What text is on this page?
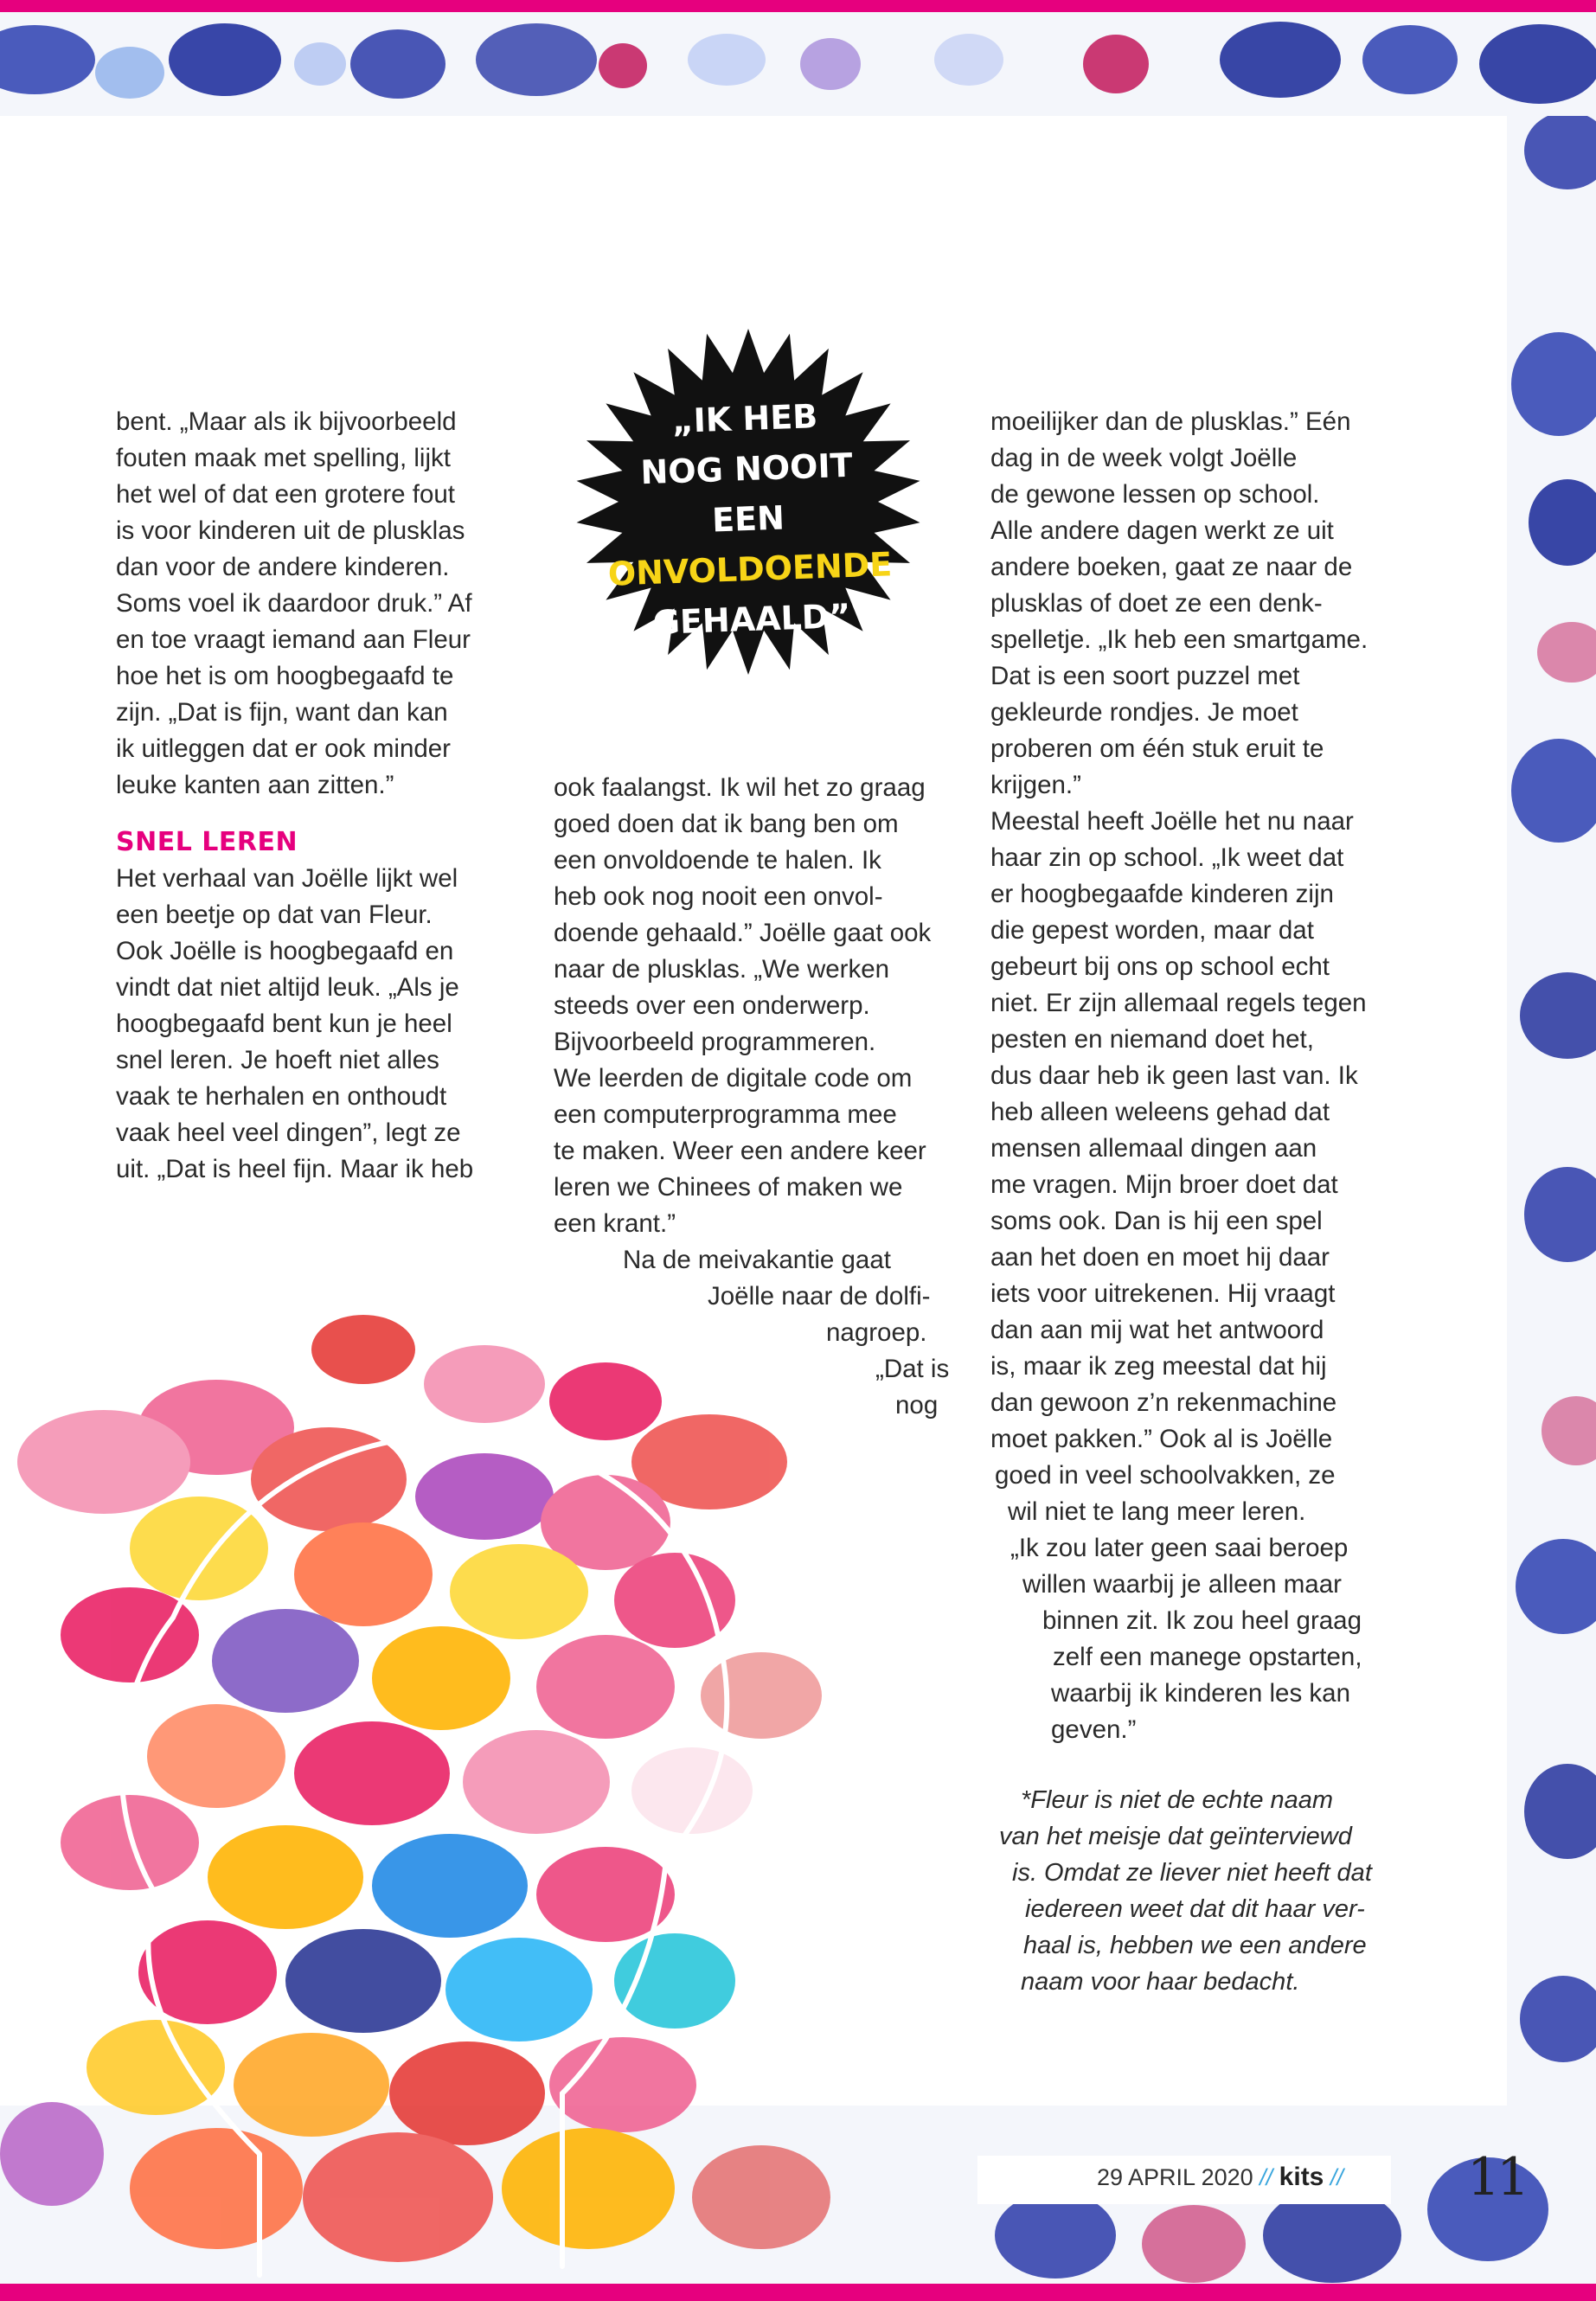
„IK HEB
NOG NOOIT
EEN
ONVOLDOENDE
GEHAALD”

bent. „Maar als ik bijvoorbeeld

fouten maak met spelling, lijkt

het wel of dat een grotere fout

is voor kinderen uit de plusklas

dan voor de andere kinderen.

Soms voel ik daardoor druk.” Af

en toe vraagt iemand aan Fleur

hoe het is om hoogbegaafd te

zijn. „Dat is fijn, want dan kan

ik uitleggen dat er ook minder

leuke kanten aan zitten.”

SNEL LEREN

Het verhaal van Joëlle lijkt wel

een beetje op dat van Fleur.

Ook Joëlle is hoogbegaafd en

vindt dat niet altijd leuk. „Als je

hoogbegaafd bent kun je heel

snel leren. Je hoeft niet alles

vaak te herhalen en onthoudt

vaak heel veel dingen”, legt ze

uit. „Dat is heel fijn. Maar ik heb

ook faalangst. Ik wil het zo graag

goed doen dat ik bang ben om

een onvoldoende te halen. Ik

heb ook nog nooit een onvol-

doende gehaald.” Joëlle gaat ook

naar de plusklas. „We werken

steeds over een onderwerp.

Bijvoorbeeld programmeren.

We leerden de digitale code om

een computerprogramma mee

te maken. Weer een andere keer

leren we Chinees of maken we

een krant.”

Na de meivakantie gaat

Joëlle naar de dolfi-

nagroep.

„Dat is

nog

moeilijker dan de plusklas.” Eén

dag in de week volgt Joëlle

de gewone lessen op school.

Alle andere dagen werkt ze uit

andere boeken, gaat ze naar de

plusklas of doet ze een denk-

spelletje. „Ik heb een smartgame.

Dat is een soort puzzel met

gekleurde rondjes. Je moet

proberen om één stuk eruit te

krijgen.”

Meestal heeft Joëlle het nu naar

haar zin op school. „Ik weet dat

er hoogbegaafde kinderen zijn

die gepest worden, maar dat

gebeurt bij ons op school echt

niet. Er zijn allemaal regels tegen

pesten en niemand doet het,

dus daar heb ik geen last van. Ik

heb alleen weleens gehad dat

mensen allemaal dingen aan

me vragen. Mijn broer doet dat

soms ook. Dan is hij een spel

aan het doen en moet hij daar

iets voor uitrekenen. Hij vraagt

dan aan mij wat het antwoord

is, maar ik zeg meestal dat hij

dan gewoon z’n rekenmachine

moet pakken.” Ook al is Joëlle

goed in veel schoolvakken, ze

wil niet te lang meer leren.

„Ik zou later geen saai beroep

willen waarbij je alleen maar

binnen zit. Ik zou heel graag

zelf een manege opstarten,

waarbij ik kinderen les kan

geven.”

*Fleur is niet de echte naam

van het meisje dat geïnterviewd

is. Omdat ze liever niet heeft dat

iedereen weet dat dit haar ver-

haal is, hebben we een andere

naam voor haar bedacht.

29 APRIL 2020 // kits // 11
